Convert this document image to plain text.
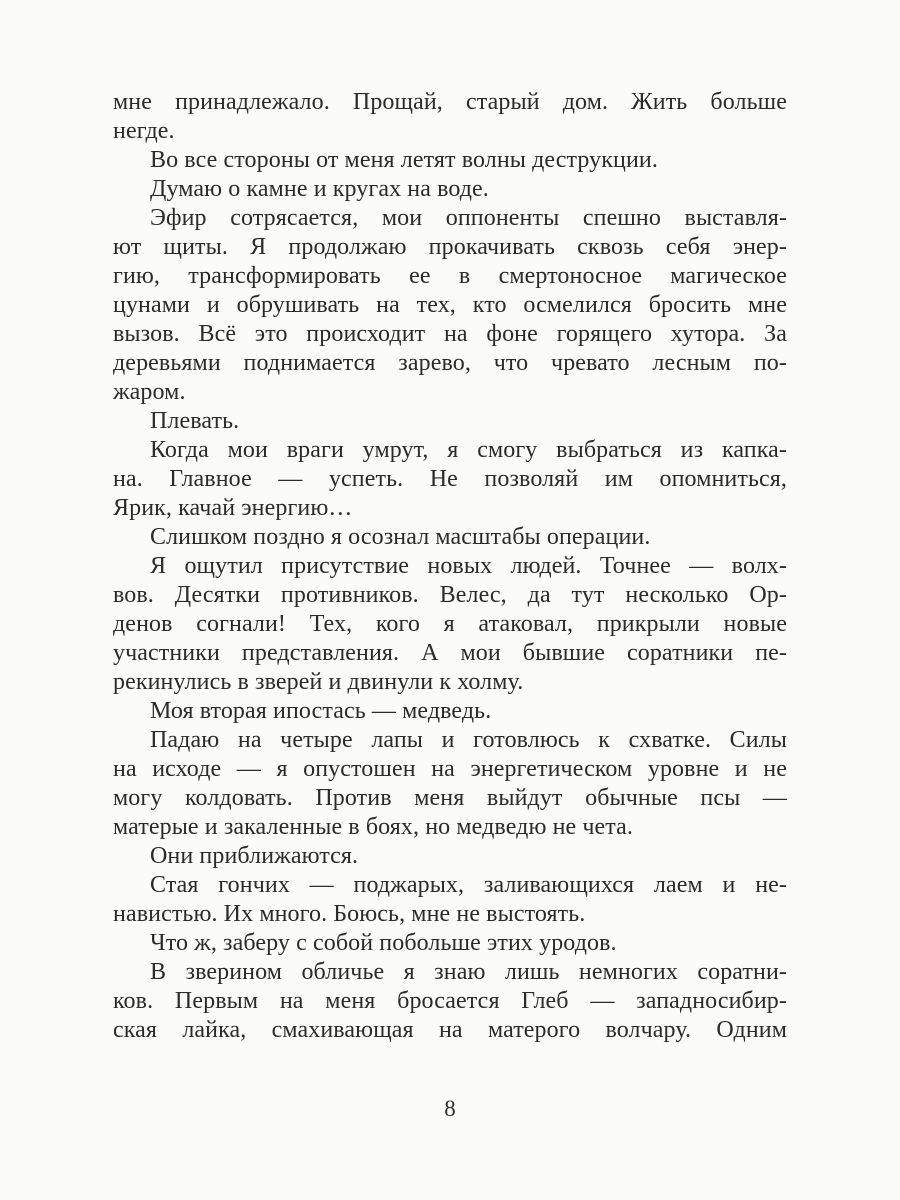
мне принадлежало. Прощай, старый дом. Жить больше
негде.
Во все стороны от меня летят волны деструкции.
Думаю о камне и кругах на воде.
Эфир сотрясается, мои оппоненты спешно выставля-
ют щиты. Я продолжаю прокачивать сквозь себя энер-
гию, трансформировать ее в смертоносное магическое
цунами и обрушивать на тех, кто осмелился бросить мне
вызов. Всё это происходит на фоне горящего хутора. За
деревьями поднимается зарево, что чревато лесным по-
жаром.
Плевать.
Когда мои враги умрут, я смогу выбраться из капка-
на. Главное — успеть. Не позволяй им опомниться,
Ярик, качай энергию…
Слишком поздно я осознал масштабы операции.
Я ощутил присутствие новых людей. Точнее — волх-
вов. Десятки противников. Велес, да тут несколько Ор-
денов согнали! Тех, кого я атаковал, прикрыли новые
участники представления. А мои бывшие соратники пе-
рекинулись в зверей и двинули к холму.
Моя вторая ипостась — медведь.
Падаю на четыре лапы и готовлюсь к схватке. Силы
на исходе — я опустошен на энергетическом уровне и не
могу колдовать. Против меня выйдут обычные псы —
матерые и закаленные в боях, но медведю не чета.
Они приближаются.
Стая гончих — поджарых, заливающихся лаем и не-
навистью. Их много. Боюсь, мне не выстоять.
Что ж, заберу с собой побольше этих уродов.
В зверином обличье я знаю лишь немногих соратни-
ков. Первым на меня бросается Глеб — западносибир-
ская лайка, смахивающая на матерого волчару. Одним
8
